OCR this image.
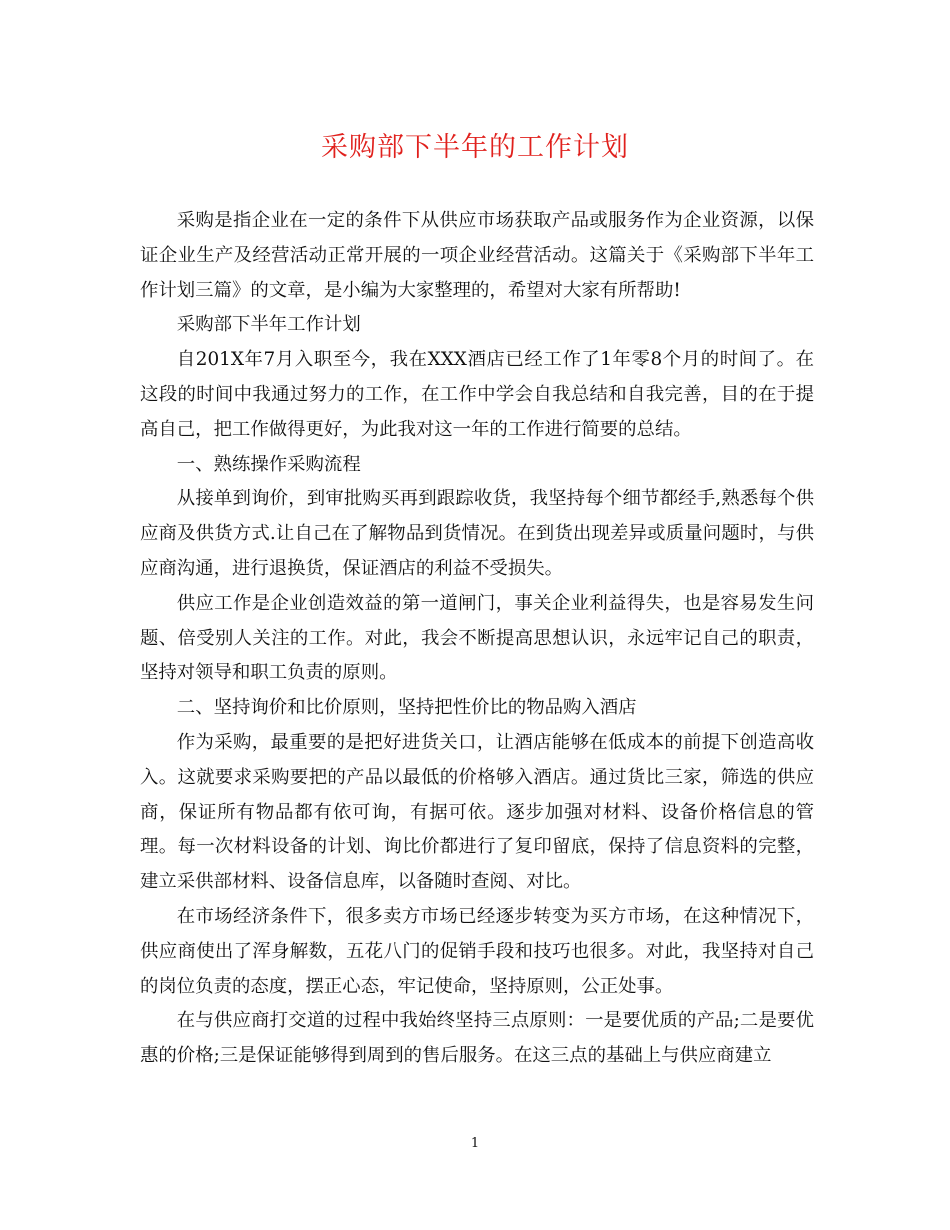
采购部下半年的工作计划

采购是指企业在一定的条件下从供应市场获取产品或服务作为企业资源，以保证企业生产及经营活动正常开展的一项企业经营活动。这篇关于《采购部下半年工作计划三篇》的文章，是小编为大家整理的，希望对大家有所帮助!

采购部下半年工作计划

自201X年7月入职至今，我在XXX酒店已经工作了1年零8个月的时间了。在这段的时间中我通过努力的工作，在工作中学会自我总结和自我完善，目的在于提高自己，把工作做得更好，为此我对这一年的工作进行简要的总结。

一、熟练操作采购流程

从接单到询价，到审批购买再到跟踪收货，我坚持每个细节都经手,熟悉每个供应商及供货方式.让自己在了解物品到货情况。在到货出现差异或质量问题时，与供应商沟通，进行退换货，保证酒店的利益不受损失。

供应工作是企业创造效益的第一道闸门，事关企业利益得失，也是容易发生问题、倍受别人关注的工作。对此，我会不断提高思想认识，永远牢记自己的职责，坚持对领导和职工负责的原则。

二、坚持询价和比价原则，坚持把性价比的物品购入酒店

作为采购，最重要的是把好进货关口，让酒店能够在低成本的前提下创造高收入。这就要求采购要把的产品以最低的价格够入酒店。通过货比三家，筛选的供应商，保证所有物品都有依可询，有据可依。逐步加强对材料、设备价格信息的管理。每一次材料设备的计划、询比价都进行了复印留底，保持了信息资料的完整，建立采供部材料、设备信息库，以备随时查阅、对比。

在市场经济条件下，很多卖方市场已经逐步转变为买方市场，在这种情况下，供应商使出了浑身解数，五花八门的促销手段和技巧也很多。对此，我坚持对自己的岗位负责的态度，摆正心态，牢记使命，坚持原则，公正处事。

在与供应商打交道的过程中我始终坚持三点原则：一是要优质的产品;二是要优惠的价格;三是保证能够得到周到的售后服务。在这三点的基础上与供应商建立

1
